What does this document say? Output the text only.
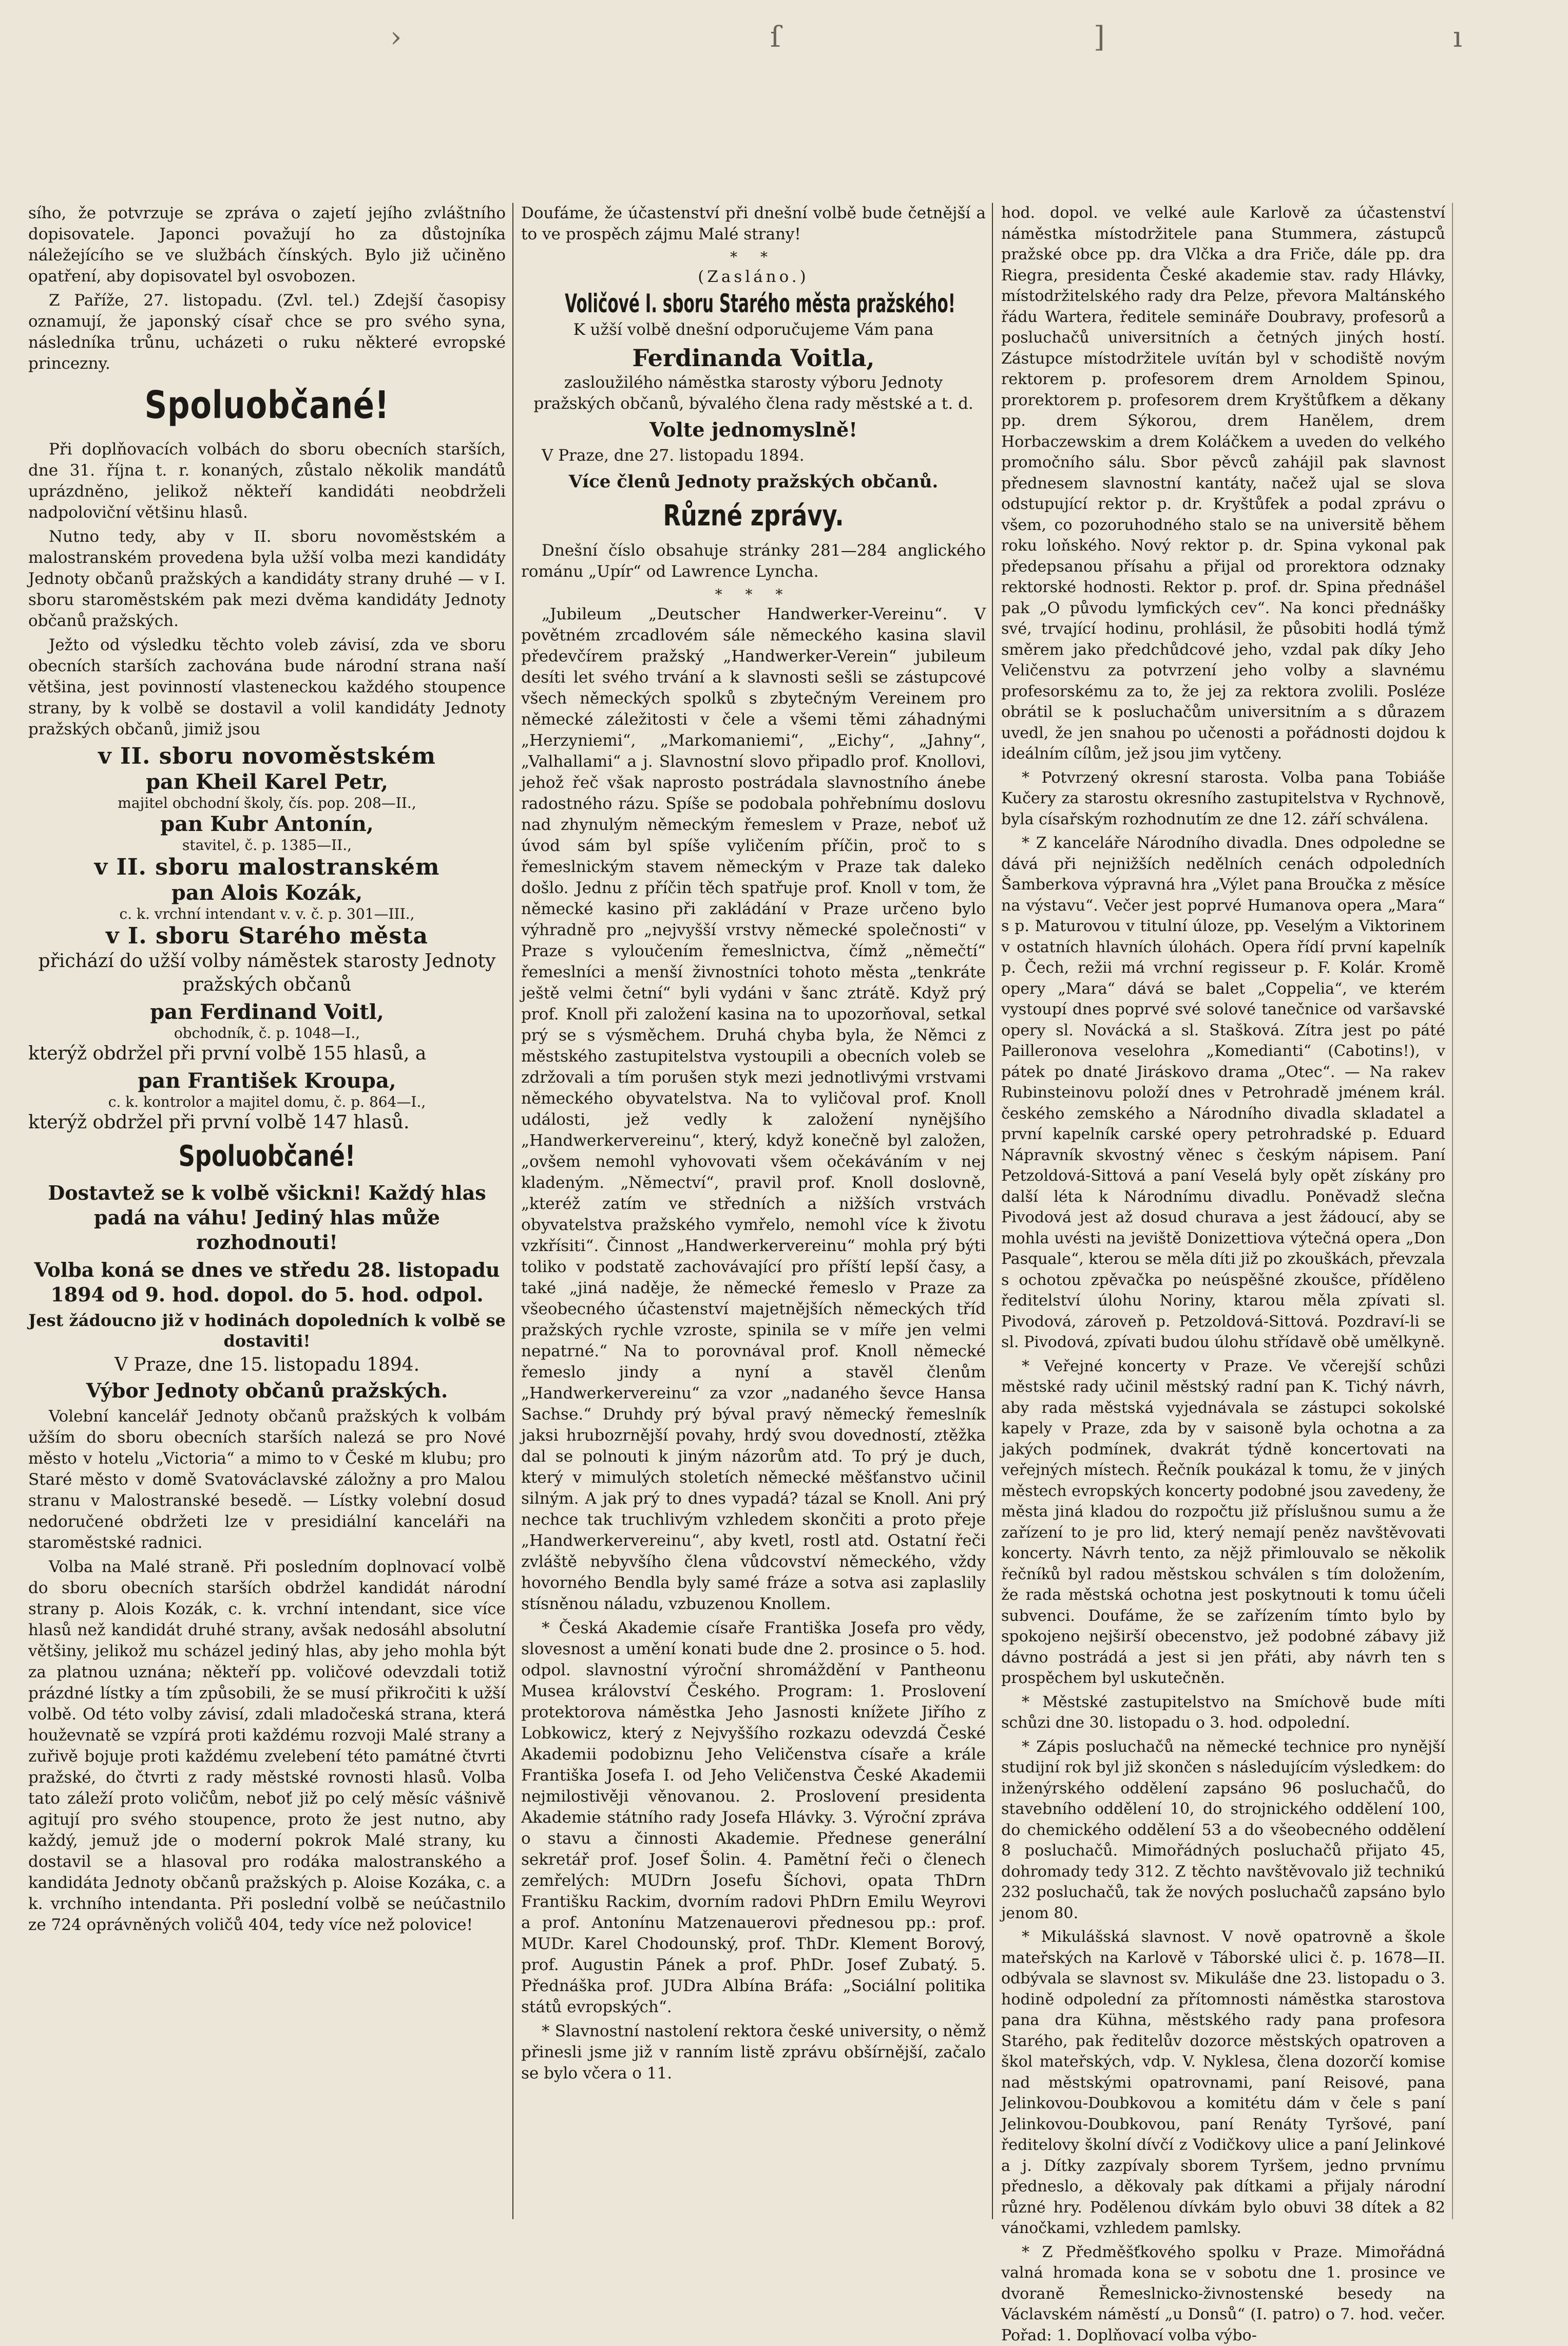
›	ſ	]	ı

sího, že potvrzuje se zpráva o zajetí jejího zvláštního dopisovatele. Japonci považují ho za důstojníka náležejícího se ve službách čínských. Bylo již učiněno opatření, aby dopisovatel byl osvobozen.

Z Paříže, 27. listopadu. (Zvl. tel.) Zdejší časopisy oznamují, že japonský císař chce se pro svého syna, následníka trůnu, ucházeti o ruku některé evropské princezny.

Spoluobčané!

Při doplňovacích volbách do sboru obecních starších, dne 31. října t. r. konaných, zůstalo několik mandátů uprázdněno, jelikož někteří kandidáti neobdrželi nadpoloviční většinu hlasů.

Nutno tedy, aby v II. sboru novoměstském a malostranském provedena byla užší volba mezi kandidáty Jednoty občanů pražských a kandidáty strany druhé — v I. sboru staroměstském pak mezi dvěma kandidáty Jednoty občanů pražských.

Ježto od výsledku těchto voleb závisí, zda ve sboru obecních starších zachována bude národní strana naší většina, jest povinností vlasteneckou každého stoupence strany, by k volbě se dostavil a volil kandidáty Jednoty pražských občanů, jimiž jsou

v II. sboru novoměstském
pan Kheil Karel Petr,
majitel obchodní školy, čís. pop. 208—II.,
pan Kubr Antonín,
stavitel, č. p. 1385—II.,
v II. sboru malostranském
pan Alois Kozák,
c. k. vrchní intendant v. v. č. p. 301—III.,
v I. sboru Starého města

přichází do užší volby náměstek starosty Jednoty pražských občanů

pan Ferdinand Voitl,
obchodník, č. p. 1048—I.,

kterýž obdržel při první volbě 155 hlasů, a

pan František Kroupa,
c. k. kontrolor a majitel domu, č. p. 864—I.,

kterýž obdržel při první volbě 147 hlasů.

Spoluobčané!

Dostavtež se k volbě všickni! Každý hlas padá na váhu! Jediný hlas může rozhodnouti!

Volba koná se dnes ve středu 28. listopadu 1894 od 9. hod. dopol. do 5. hod. odpol.

Jest žádoucno již v hodinách dopoledních k volbě se dostaviti!

V Praze, dne 15. listopadu 1894.

Výbor Jednoty občanů pražských.

Volební kancelář Jednoty občanů pražských k volbám užším do sboru obecních starších nalezá se pro Nové město v hotelu „Victoria“ a mimo to v České m klubu; pro Staré město v domě Svatováclavské záložny a pro Malou stranu v Malostranské besedě. — Lístky volební dosud nedoručené obdržeti lze v presidiální kanceláři na staroměstské radnici.

Volba na Malé straně. Při posledním doplnovací volbě do sboru obecních starších obdržel kandidát národní strany p. Alois Kozák, c. k. vrchní intendant, sice více hlasů než kandidát druhé strany, avšak nedosáhl absolutní většiny, jelikož mu scházel jediný hlas, aby jeho mohla být za platnou uznána; někteří pp. voličové odevzdali totiž prázdné lístky a tím způsobili, že se musí přikročiti k užší volbě. Od této volby závisí, zdali mladočeská strana, která houževnatě se vzpírá proti každému rozvoji Malé strany a zuřivě bojuje proti každému zvelebení této památné čtvrti pražské, do čtvrti z rady městské rovnosti hlasů. Volba tato záleží proto voličům, neboť již po celý měsíc vášnivě agitují pro svého stoupence, proto že jest nutno, aby každý, jemuž jde o moderní pokrok Malé strany, ku dostavil se a hlasoval pro rodáka malostranského a kandidáta Jednoty občanů pražských p. Aloise Kozáka, c. a k. vrchního intendanta. Při poslední volbě se neúčastnilo ze 724 oprávněných voličů 404, tedy více než polovice!

Doufáme, že účastenství při dnešní volbě bude četnější a to ve prospěch zájmu Malé strany!

* *
(Zasláno.)
Voličové I. sboru Starého města pražského!

K užší volbě dnešní odporučujeme Vám pana

Ferdinanda Voitla,

zasloužilého náměstka starosty výboru Jednoty pražských občanů, bývalého člena rady městské a t. d.

Volte jednomyslně!

V Praze, dne 27. listopadu 1894.

Více členů Jednoty pražských občanů.

Různé zprávy.

Dnešní číslo obsahuje stránky 281—284 anglického románu „Upír“ od Lawrence Lyncha.

* * *

„Jubileum „Deutscher Handwerker-Vereinu“. V povětném zrcadlovém sále německého kasina slavil předevčírem pražský „Handwerker-Verein“ jubileum desíti let svého trvání a k slavnosti sešli se zástupcové všech německých spolků s zbytečným Vereinem pro německé záležitosti v čele a všemi těmi záhadnými „Herzyniemi“, „Markomaniemi“, „Eichy“, „Jahny“, „Valhallami“ a j. Slavnostní slovo připadlo prof. Knollovi, jehož řeč však naprosto postrádala slavnostního ánebe radostného rázu. Spíše se podobala pohřebnímu doslovu nad zhynulým německým řemeslem v Praze, neboť už úvod sám byl spíše vyličením příčin, proč to s řemeslnickým stavem německým v Praze tak daleko došlo. Jednu z příčin těch spatřuje prof. Knoll v tom, že německé kasino při zakládání v Praze určeno bylo výhradně pro „nejvyšší vrstvy německé společnosti“ v Praze s vyloučením řemeslnictva, čímž „němečtí“ řemeslníci a menší živnostníci tohoto města „tenkráte ještě velmi četní“ byli vydáni v šanc ztrátě. Když prý prof. Knoll při založení kasina na to upozorňoval, setkal prý se s výsměchem. Druhá chyba byla, že Němci z městského zastupitelstva vystoupili a obecních voleb se zdržovali a tím porušen styk mezi jednotlivými vrstvami německého obyvatelstva. Na to vyličoval prof. Knoll události, jež vedly k založení nynějšího „Handwerkervereinu“, který, když konečně byl založen, „ovšem nemohl vyhovovati všem očekáváním v nej kladeným. „Němectví“, pravil prof. Knoll doslovně, „kteréž zatím ve středních a nižších vrstvách obyvatelstva pražského vymřelo, nemohl více k životu vzkřísiti“. Činnost „Handwerkervereinu“ mohla prý býti toliko v podstatě zachovávající pro příští lepší časy, a také „jiná naděje, že německé řemeslo v Praze za všeobecného účastenství majetnějších německých tříd pražských rychle vzroste, spinila se v míře jen velmi nepatrné.“ Na to porovnával prof. Knoll německé řemeslo jindy a nyní a stavěl členům „Handwerkervereinu“ za vzor „nadaného ševce Hansa Sachse.“ Druhdy prý býval pravý německý řemeslník jaksi hrubozrnější povahy, hrdý svou dovedností, ztěžka dal se polnouti k jiným názorům atd. To prý je duch, který v mimulých stoletích německé měšťanstvo učinil silným. A jak prý to dnes vypadá? tázal se Knoll. Ani prý nechce tak truchlivým vzhledem skončiti a proto přeje „Handwerkervereinu“, aby kvetl, rostl atd. Ostatní řeči zvláště nebyvšího člena vůdcovství německého, vždy hovorného Bendla byly samé fráze a sotva asi zaplaslily stísněnou náladu, vzbuzenou Knollem.

* Česká Akademie císaře Františka Josefa pro vědy, slovesnost a umění konati bude dne 2. prosince o 5. hod. odpol. slavnostní výroční shromáždění v Pantheonu Musea království Českého. Program: 1. Proslovení protektorova náměstka Jeho Jasnosti knížete Jiřího z Lobkowicz, který z Nejvyššího rozkazu odevzdá České Akademii podobiznu Jeho Veličenstva císaře a krále Františka Josefa I. od Jeho Veličenstva České Akademii nejmilostivěji věnovanou. 2. Proslovení presidenta Akademie státního rady Josefa Hlávky. 3. Výroční zpráva o stavu a činnosti Akademie. Přednese generální sekretář prof. Josef Šolin. 4. Pamětní řeči o členech zemřelých: MUDrn Josefu Šíchovi, opata ThDrn Františku Rackim, dvorním radovi PhDrn Emilu Weyrovi a prof. Antonínu Matzenauerovi přednesou pp.: prof. MUDr. Karel Chodounský, prof. ThDr. Klement Borový, prof. Augustin Pánek a prof. PhDr. Josef Zubatý. 5. Přednáška prof. JUDra Albína Bráfa: „Sociální politika států evropských“.

* Slavnostní nastolení rektora české university, o němž přinesli jsme již v ranním listě zprávu obšírnější, začalo se bylo včera o 11.

hod. dopol. ve velké aule Karlově za účastenství náměstka místodržitele pana Stummera, zástupců pražské obce pp. dra Vlčka a dra Friče, dále pp. dra Riegra, presidenta České akademie stav. rady Hlávky, místodržitelského rady dra Pelze, převora Maltánského řádu Wartera, ředitele semináře Doubravy, profesorů a posluchačů universitních a četných jiných hostí. Zástupce místodržitele uvítán byl v schodiště novým rektorem p. profesorem drem Arnoldem Spinou, prorektorem p. profesorem drem Kryštůfkem a děkany pp. drem Sýkorou, drem Hanělem, drem Horbaczewskim a drem Koláčkem a uveden do velkého promočního sálu. Sbor pěvců zahájil pak slavnost přednesem slavnostní kantáty, načež ujal se slova odstupující rektor p. dr. Kryštůfek a podal zprávu o všem, co pozoruhodného stalo se na universitě během roku loňského. Nový rektor p. dr. Spina vykonal pak předepsanou přísahu a přijal od prorektora odznaky rektorské hodnosti. Rektor p. prof. dr. Spina přednášel pak „O původu lymfických cev“. Na konci přednášky své, trvající hodinu, prohlásil, že působiti hodlá týmž směrem jako předchůdcové jeho, vzdal pak díky Jeho Veličenstvu za potvrzení jeho volby a slavnému profesorskému za to, že jej za rektora zvolili. Posléze obrátil se k posluchačům universitním a s důrazem uvedl, že jen snahou po učenosti a pořádnosti dojdou k ideálním cílům, jež jsou jim vytčeny.

* Potvrzený okresní starosta. Volba pana Tobiáše Kučery za starostu okresního zastupitelstva v Rychnově, byla císařským rozhodnutím ze dne 12. září schválena.

* Z kanceláře Národního divadla. Dnes odpoledne se dává při nejnižších nedělních cenách odpoledních Šamberkova výpravná hra „Výlet pana Broučka z měsíce na výstavu“. Večer jest poprvé Humanova opera „Mara“ s p. Maturovou v titulní úloze, pp. Veselým a Viktorinem v ostatních hlavních úlohách. Opera řídí první kapelník p. Čech, režii má vrchní regisseur p. F. Kolár. Kromě opery „Mara“ dává se balet „Coppelia“, ve kterém vystoupí dnes poprvé své solové tanečnice od varšavské opery sl. Novácká a sl. Stašková. Zítra jest po páté Pailleronova veselohra „Komedianti“ (Cabotins!), v pátek po dnaté Jiráskovo drama „Otec“. — Na rakev Rubinsteinovu položí dnes v Petrohradě jménem král. českého zemského a Národního divadla skladatel a první kapelník carské opery petrohradské p. Eduard Nápravník skvostný věnec s českým nápisem. Paní Petzoldová-Sittová a paní Veselá byly opět získány pro další léta k Národnímu divadlu. Poněvadž slečna Pivodová jest až dosud churava a jest žádoucí, aby se mohla uvésti na jeviště Donizettiova výtečná opera „Don Pasquale“, kterou se měla díti již po zkouškách, převzala s ochotou zpěvačka po neúspěšné zkoušce, příděleno ředitelství úlohu Noriny, ktarou měla zpívati sl. Pivodová, zároveň p. Petzoldová-Sittová. Pozdraví-li se sl. Pivodová, zpívati budou úlohu střídavě obě umělkyně.

* Veřejné koncerty v Praze. Ve včerejší schůzi městské rady učinil městský radní pan K. Tichý návrh, aby rada městská vyjednávala se zástupci sokolské kapely v Praze, zda by v saisoně byla ochotna a za jakých podmínek, dvakrát týdně koncertovati na veřejných místech. Řečník poukázal k tomu, že v jiných městech evropských koncerty podobné jsou zavedeny, že města jiná kladou do rozpočtu již příslušnou sumu a že zařízení to je pro lid, který nemají peněz navštěvovati koncerty. Návrh tento, za nějž přimlouvalo se několik řečníků byl radou městskou schválen s tím doložením, že rada městská ochotna jest poskytnouti k tomu účeli subvenci. Doufáme, že se zařízením tímto bylo by spokojeno nejširší obecenstvo, jež podobné zábavy již dávno postrádá a jest si jen přáti, aby návrh ten s prospěchem byl uskutečněn.

* Městské zastupitelstvo na Smíchově bude míti schůzi dne 30. listopadu o 3. hod. odpolední.

* Zápis posluchačů na německé technice pro nynější studijní rok byl již skončen s následujícím výsledkem: do inženýrského oddělení zapsáno 96 posluchačů, do stavebního oddělení 10, do strojnického oddělení 100, do chemického oddělení 53 a do všeobecného oddělení 8 posluchačů. Mimořádných posluchačů přijato 45, dohromady tedy 312. Z těchto navštěvovalo již technikú 232 posluchačů, tak že nových posluchačů zapsáno bylo jenom 80.

* Mikulášská slavnost. V nově opatrovně a škole mateřských na Karlově v Táborské ulici č. p. 1678—II. odbývala se slavnost sv. Mikuláše dne 23. listopadu o 3. hodině odpolední za přítomnosti náměstka starostova pana dra Kühna, městského rady pana profesora Starého, pak ředitelův dozorce městských opatroven a škol mateřských, vdp. V. Nyklesa, člena dozorčí komise nad městskými opatrovnami, paní Reisové, pana Jelinkovou-Doubkovou a komitétu dám v čele s paní Jelinkovou-Doubkovou, paní Renáty Tyršové, paní ředitelovy školní dívčí z Vodičkovy ulice a paní Jelinkové a j. Dítky zazpívaly sborem Tyršem, jedno prvnímu předneslo, a děkovaly pak dítkami a přijaly národní různé hry. Podělenou dívkám bylo obuvi 38 dítek a 82 vánočkami, vzhledem pamlsky.

* Z Předměšťkového spolku v Praze. Mimořádná valná hromada kona se v sobotu dne 1. prosince ve dvoraně Řemeslnicko-živnostenské besedy na Václavském náměstí „u Donsů“ (I. patro) o 7. hod. večer. Pořad: 1. Doplňovací volba výbo-
